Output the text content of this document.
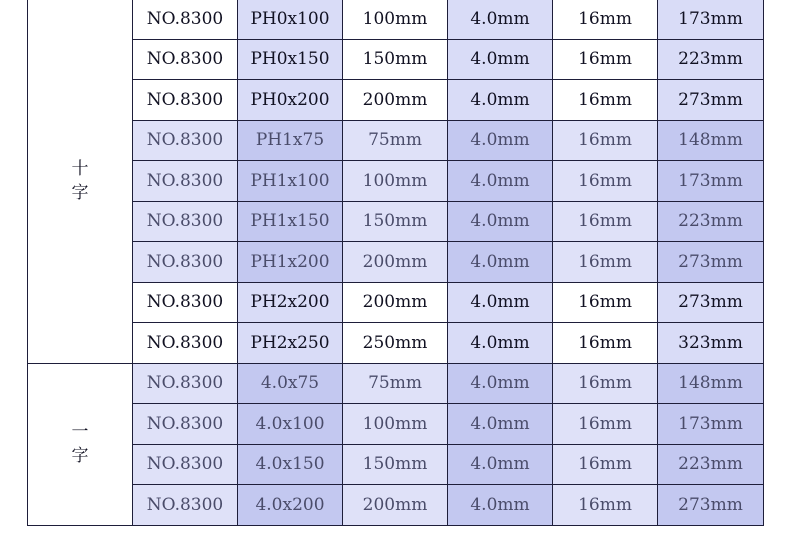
十
字	NO.8300	PH0x100	100mm	4.0mm	16mm	173mm
	NO.8300	PH0x150	150mm	4.0mm	16mm	223mm
	NO.8300	PH0x200	200mm	4.0mm	16mm	273mm
	NO.8300	PH1x75	75mm	4.0mm	16mm	148mm
	NO.8300	PH1x100	100mm	4.0mm	16mm	173mm
	NO.8300	PH1x150	150mm	4.0mm	16mm	223mm
	NO.8300	PH1x200	200mm	4.0mm	16mm	273mm
	NO.8300	PH2x200	200mm	4.0mm	16mm	273mm
	NO.8300	PH2x250	250mm	4.0mm	16mm	323mm

一
字	NO.8300	4.0x75	75mm	4.0mm	16mm	148mm
	NO.8300	4.0x100	100mm	4.0mm	16mm	173mm
	NO.8300	4.0x150	150mm	4.0mm	16mm	223mm
	NO.8300	4.0x200	200mm	4.0mm	16mm	273mm
